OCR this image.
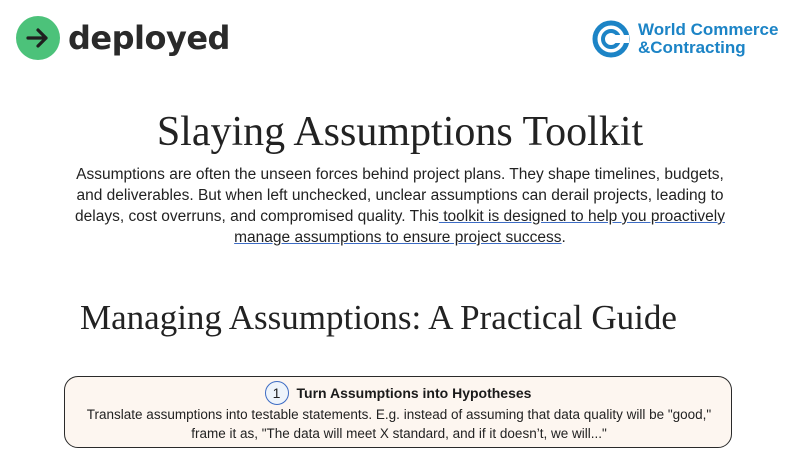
deployed	World Commerce
&Contracting
Slaying Assumptions Toolkit

Assumptions are often the unseen forces behind project plans. They shape timelines, budgets, and deliverables. But when left unchecked, unclear assumptions can derail projects, leading to delays, cost overruns, and compromised quality. This toolkit is designed to help you proactively manage assumptions to ensure project success.

Managing Assumptions: A Practical Guide
1 Turn Assumptions into Hypotheses

Translate assumptions into testable statements. E.g. instead of assuming that data quality will be "good," frame it as, "The data will meet X standard, and if it doesn’t, we will..."
